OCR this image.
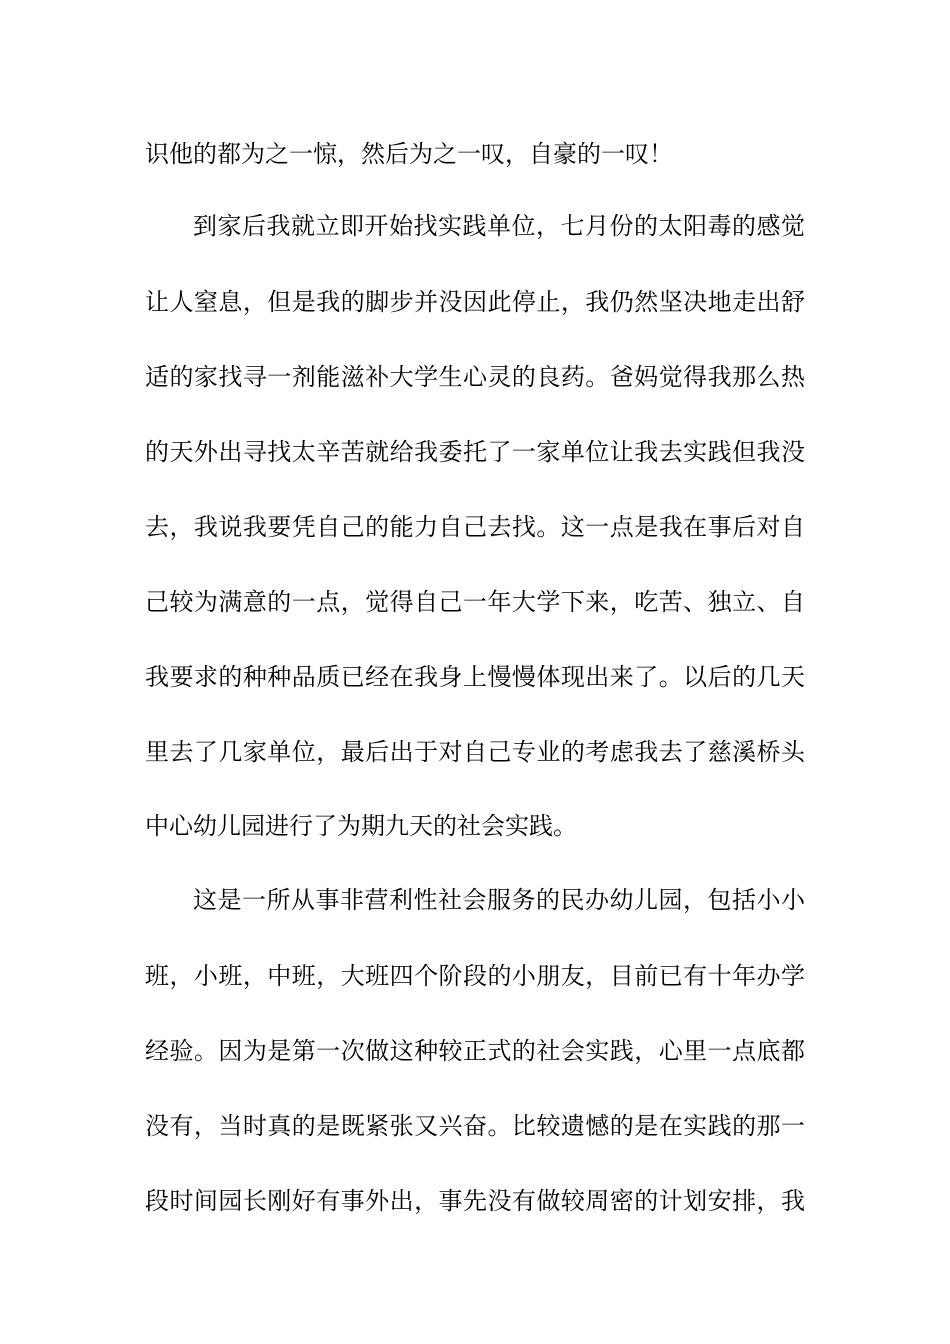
识他的都为之一惊，然后为之一叹，自豪的一叹！
到家后我就立即开始找实践单位，七月份的太阳毒的感觉
让人窒息，但是我的脚步并没因此停止，我仍然坚决地走出舒
适的家找寻一剂能滋补大学生心灵的良药。爸妈觉得我那么热
的天外出寻找太辛苦就给我委托了一家单位让我去实践但我没
去，我说我要凭自己的能力自己去找。这一点是我在事后对自
己较为满意的一点，觉得自己一年大学下来，吃苦、独立、自
我要求的种种品质已经在我身上慢慢体现出来了。以后的几天
里去了几家单位，最后出于对自己专业的考虑我去了慈溪桥头
中心幼儿园进行了为期九天的社会实践。
这是一所从事非营利性社会服务的民办幼儿园，包括小小
班，小班，中班，大班四个阶段的小朋友，目前已有十年办学
经验。因为是第一次做这种较正式的社会实践，心里一点底都
没有，当时真的是既紧张又兴奋。比较遗憾的是在实践的那一
段时间园长刚好有事外出，事先没有做较周密的计划安排，我
